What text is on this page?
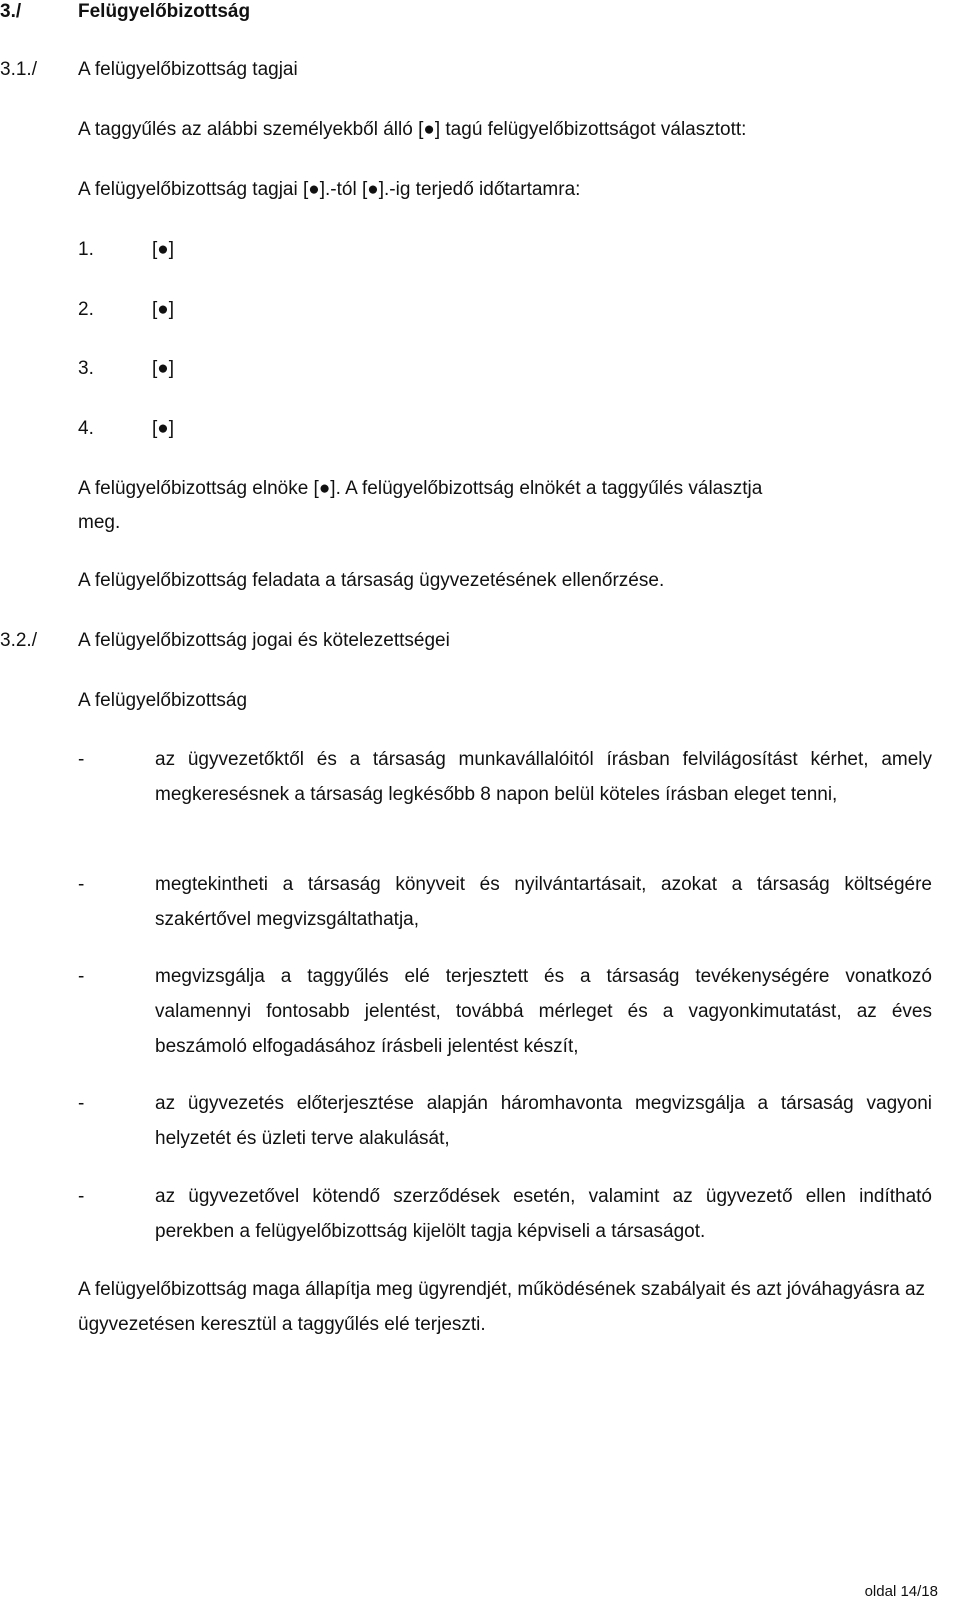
3./	Felügyelőbizottság
3.1./ A felügyelőbizottság tagjai
A taggyűlés az alábbi személyekből álló [●] tagú felügyelőbizottságot választott:
A felügyelőbizottság tagjai [●].-tól [●].-ig terjedő időtartamra:
1.	[●]
2.	[●]
3.	[●]
4.	[●]
A felügyelőbizottság elnöke [●]. A felügyelőbizottság elnökét a taggyűlés választja
meg.
A felügyelőbizottság feladata a társaság ügyvezetésének ellenőrzése.
3.2./ A felügyelőbizottság jogai és kötelezettségei
A felügyelőbizottság
-	az ügyvezetőktől és a társaság munkavállalóitól írásban felvilágosítást kérhet, amely megkeresésnek a társaság legkésőbb 8 napon belül köteles írásban eleget tenni,
-	megtekintheti a társaság könyveit és nyilvántartásait, azokat a társaság költségére szakértővel megvizsgáltathatja,
-	megvizsgálja a taggyűlés elé terjesztett és a társaság tevékenységére vonatkozó valamennyi fontosabb jelentést, továbbá mérleget és a vagyonkimutatást, az éves beszámoló elfogadásához írásbeli jelentést készít,
-	az ügyvezetés előterjesztése alapján háromhavonta megvizsgálja a társaság vagyoni helyzetét és üzleti terve alakulását,
-	az ügyvezetővel kötendő szerződések esetén, valamint az ügyvezető ellen indítható perekben a felügyelőbizottság kijelölt tagja képviseli a társaságot.
A felügyelőbizottság maga állapítja meg ügyrendjét, működésének szabályait és azt jóváhagyásra az ügyvezetésen keresztül a taggyűlés elé terjeszti.
oldal 14/18
